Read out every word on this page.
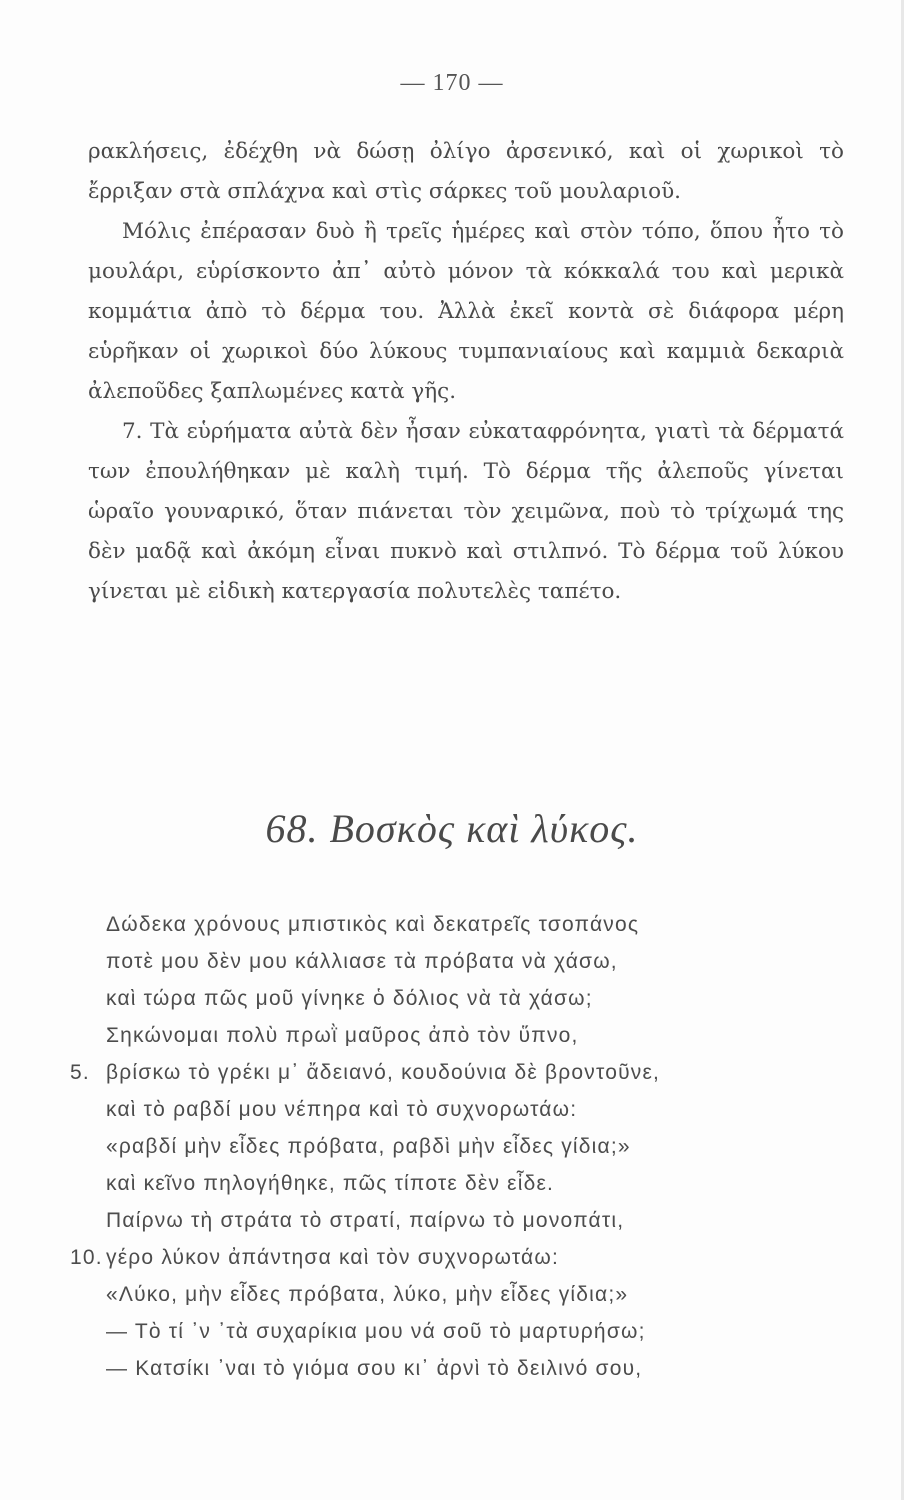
— 170 —

ρακλήσεις, ἐδέχθη νὰ δώσῃ ὀλίγο ἀρσενικό, καὶ οἱ χωρικοὶ τὸ ἔρριξαν στὰ σπλάχνα καὶ στὶς σάρκες τοῦ μουλαριοῦ.

Μόλις ἐπέρασαν δυὸ ἢ τρεῖς ἡμέρες καὶ στὸν τόπο, ὅπου ἦτο τὸ μουλάρι, εὑρίσκοντο ἀπ᾿ αὐτὸ μόνον τὰ κόκκαλά του καὶ μερικὰ κομμάτια ἀπὸ τὸ δέρμα του. Ἀλλὰ ἐκεῖ κοντὰ σὲ διάφορα μέρη εὑρῆκαν οἱ χωρικοὶ δύο λύκους τυμπανιαίους καὶ καμμιὰ δεκαριὰ ἀλεποῦδες ξαπλωμένες κατὰ γῆς.

7. Τὰ εὑρήματα αὐτὰ δὲν ἦσαν εὐκαταφρόνητα, γιατὶ τὰ δέρματά των ἐπουλήθηκαν μὲ καλὴ τιμή. Τὸ δέρμα τῆς ἀλεποῦς γίνεται ὡραῖο γουναρικό, ὅταν πιάνεται τὸν χειμῶνα, ποὺ τὸ τρίχωμά της δὲν μαδᾷ καὶ ἀκόμη εἶναι πυκνὸ καὶ στιλπνό. Τὸ δέρμα τοῦ λύκου γίνεται μὲ εἰδικὴ κατεργασία πολυτελὲς ταπέτο.

68. Βοσκὸς καὶ λύκος.
Δώδεκα χρόνους μπιστικὸς καὶ δεκατρεῖς τσοπάνος
ποτὲ μου δὲν μου κάλλιασε τὰ πρόβατα νὰ χάσω,
καὶ τώρα πῶς μοῦ γίνηκε ὁ δόλιος νὰ τὰ χάσω;
Σηκώνομαι πολὺ πρωῒ μαῦρος ἀπὸ τὸν ὕπνο,
5. βρίσκω τὸ γρέκι μ᾿ ἄδειανό, κουδούνια δὲ βροντοῦνε,
καὶ τὸ ραβδί μου νέπηρα καὶ τὸ συχνορωτάω:
«ραβδί μὴν εἶδες πρόβατα, ραβδὶ μὴν εἶδες γίδια;»
καὶ κεῖνο πηλογήθηκε, πῶς τίποτε δὲν εἶδε.
Παίρνω τὴ στράτα τὸ στρατί, παίρνω τὸ μονοπάτι,
10. γέρο λύκον ἀπάντησα καὶ τὸν συχνορωτάω:
«Λύκο, μὴν εἶδες πρόβατα, λύκο, μὴν εἶδες γίδια;»
— Τὸ τί ᾿ν ᾿τὰ συχαρίκια μου νά σοῦ τὸ μαρτυρήσω;
— Κατσίκι ᾿ναι τὸ γιόμα σου κι᾿ ἀρνὶ τὸ δειλινό σου,
